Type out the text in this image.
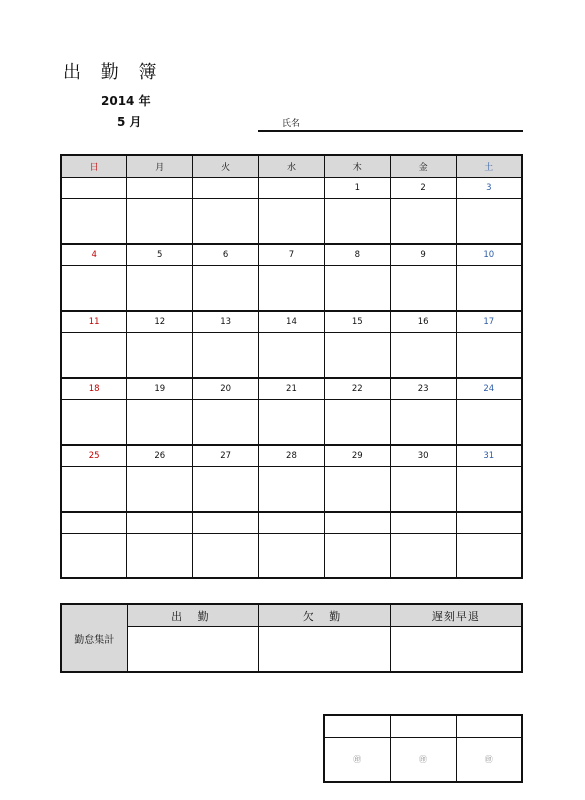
出 勤 簿
2014 年
5 月	氏名
日	月	火	水	木	金	土
				1	2	3

4	5	6	7	8	9	10

11	12	13	14	15	16	17

18	19	20	21	22	23	24

25	26	27	28	29	30	31

勤怠集計	出 勤	欠 勤	遅刻早退

㊞	㊞	㊞
